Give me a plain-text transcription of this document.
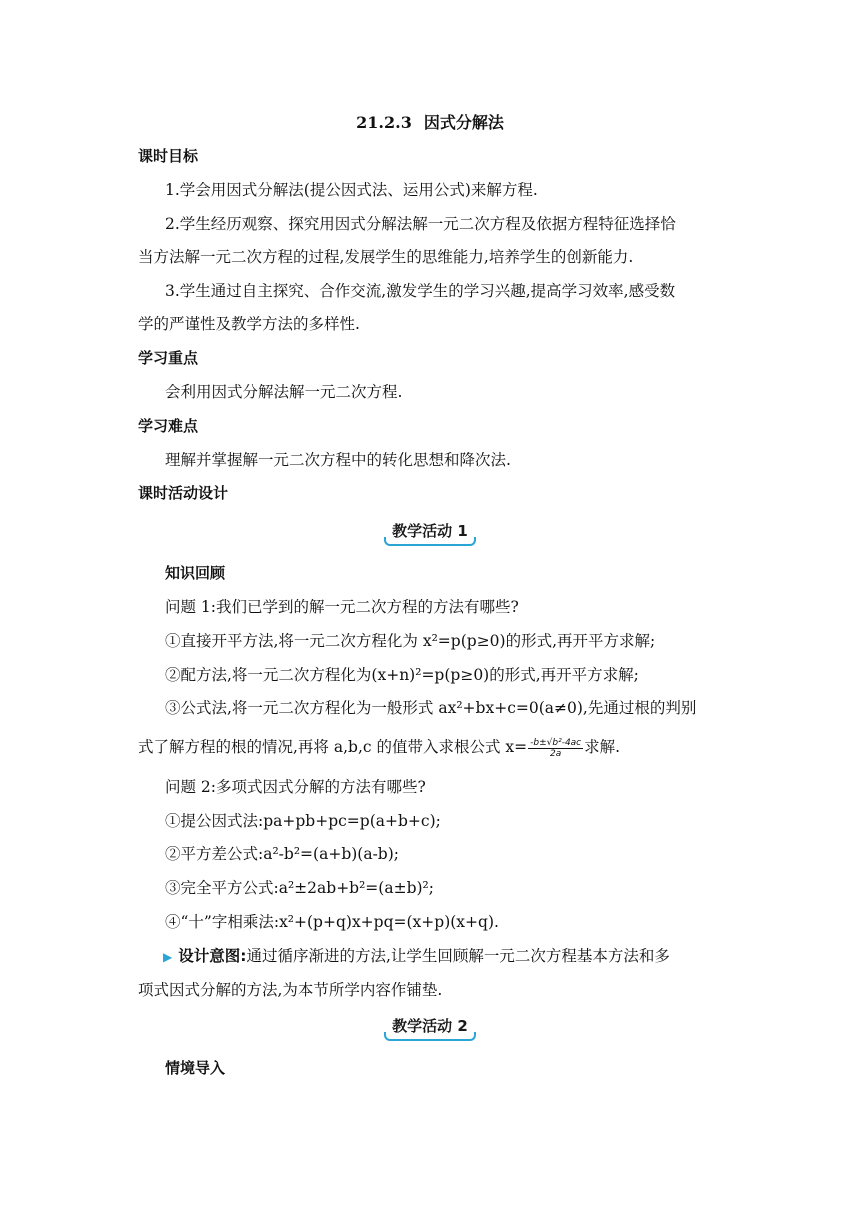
21.2.3 因式分解法
课时目标
1.学会用因式分解法(提公因式法、运用公式)来解方程.
2.学生经历观察、探究用因式分解法解一元二次方程及依据方程特征选择恰
当方法解一元二次方程的过程,发展学生的思维能力,培养学生的创新能力.
3.学生通过自主探究、合作交流,激发学生的学习兴趣,提高学习效率,感受数
学的严谨性及教学方法的多样性.
学习重点
会利用因式分解法解一元二次方程.
学习难点
理解并掌握解一元二次方程中的转化思想和降次法.
课时活动设计
教学活动 1
知识回顾
问题 1:我们已学到的解一元二次方程的方法有哪些?
①直接开平方法,将一元二次方程化为 x²=p(p≥0)的形式,再开平方求解;
②配方法,将一元二次方程化为(x+n)²=p(p≥0)的形式,再开平方求解;
③公式法,将一元二次方程化为一般形式 ax²+bx+c=0(a≠0),先通过根的判别
式了解方程的根的情况,再将 a,b,c 的值带入求根公式 $x= \frac{\text{-b±√b²-4ac}}{2a}$ 求解.
问题 2:多项式因式分解的方法有哪些?
①提公因式法:pa+pb+pc=p(a+b+c);
②平方差公式:a²-b²=(a+b)(a-b);
③完全平方公式:a²±2ab+b²=(a±b)²;
④“十”字相乘法:x²+(p+q)x+pq=(x+p)(x+q).
▶ 设计意图:通过循序渐进的方法,让学生回顾解一元二次方程基本方法和多
项式因式分解的方法,为本节所学内容作铺垫.
教学活动 2
情境导入
